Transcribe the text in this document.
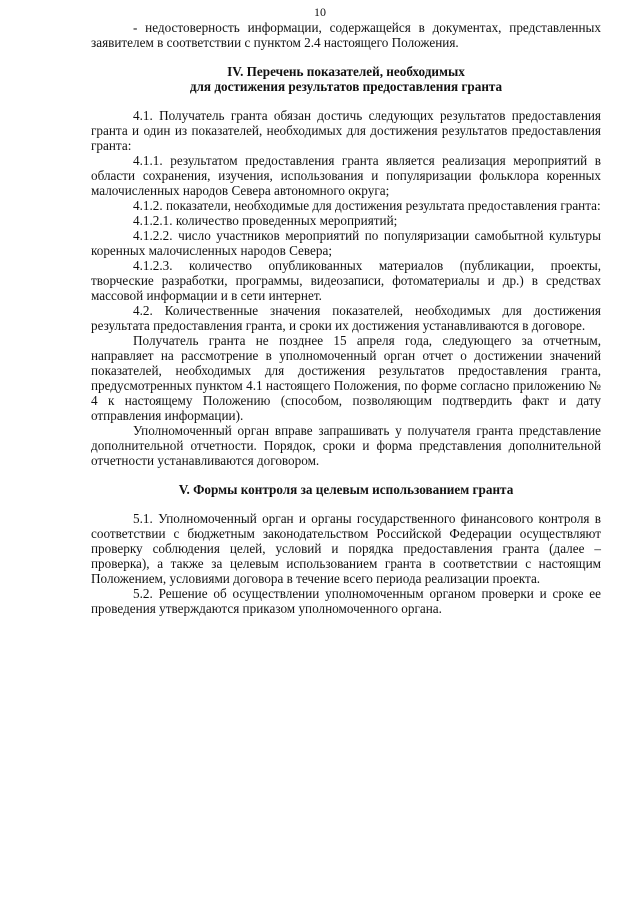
10

- недостоверность информации, содержащейся в документах, представленных заявителем в соответствии с пунктом 2.4 настоящего Положения.

IV. Перечень показателей, необходимых
для достижения результатов предоставления гранта

4.1. Получатель гранта обязан достичь следующих результатов предоставления гранта и один из показателей, необходимых для достижения результатов предоставления гранта:

4.1.1. результатом предоставления гранта является реализация мероприятий в области сохранения, изучения, использования и популяризации фольклора коренных малочисленных народов Севера автономного округа;

4.1.2. показатели, необходимые для достижения результата предоставления гранта:

4.1.2.1. количество проведенных мероприятий;

4.1.2.2. число участников мероприятий по популяризации самобытной культуры коренных малочисленных народов Севера;

4.1.2.3. количество опубликованных материалов (публикации, проекты, творческие разработки, программы, видеозаписи, фотоматериалы и др.) в средствах массовой информации и в сети интернет.

4.2. Количественные значения показателей, необходимых для достижения результата предоставления гранта, и сроки их достижения устанавливаются в договоре.

Получатель гранта не позднее 15 апреля года, следующего за отчетным, направляет на рассмотрение в уполномоченный орган отчет о достижении значений показателей, необходимых для достижения результатов предоставления гранта, предусмотренных пунктом 4.1 настоящего Положения, по форме согласно приложению № 4 к настоящему Положению (способом, позволяющим подтвердить факт и дату отправления информации).

Уполномоченный орган вправе запрашивать у получателя гранта представление дополнительной отчетности. Порядок, сроки и форма представления дополнительной отчетности устанавливаются договором.

V. Формы контроля за целевым использованием гранта

5.1. Уполномоченный орган и органы государственного финансового контроля в соответствии с бюджетным законодательством Российской Федерации осуществляют проверку соблюдения целей, условий и порядка предоставления гранта (далее – проверка), а также за целевым использованием гранта в соответствии с настоящим Положением, условиями договора в течение всего периода реализации проекта.

5.2. Решение об осуществлении уполномоченным органом проверки и сроке ее проведения утверждаются приказом уполномоченного органа.
